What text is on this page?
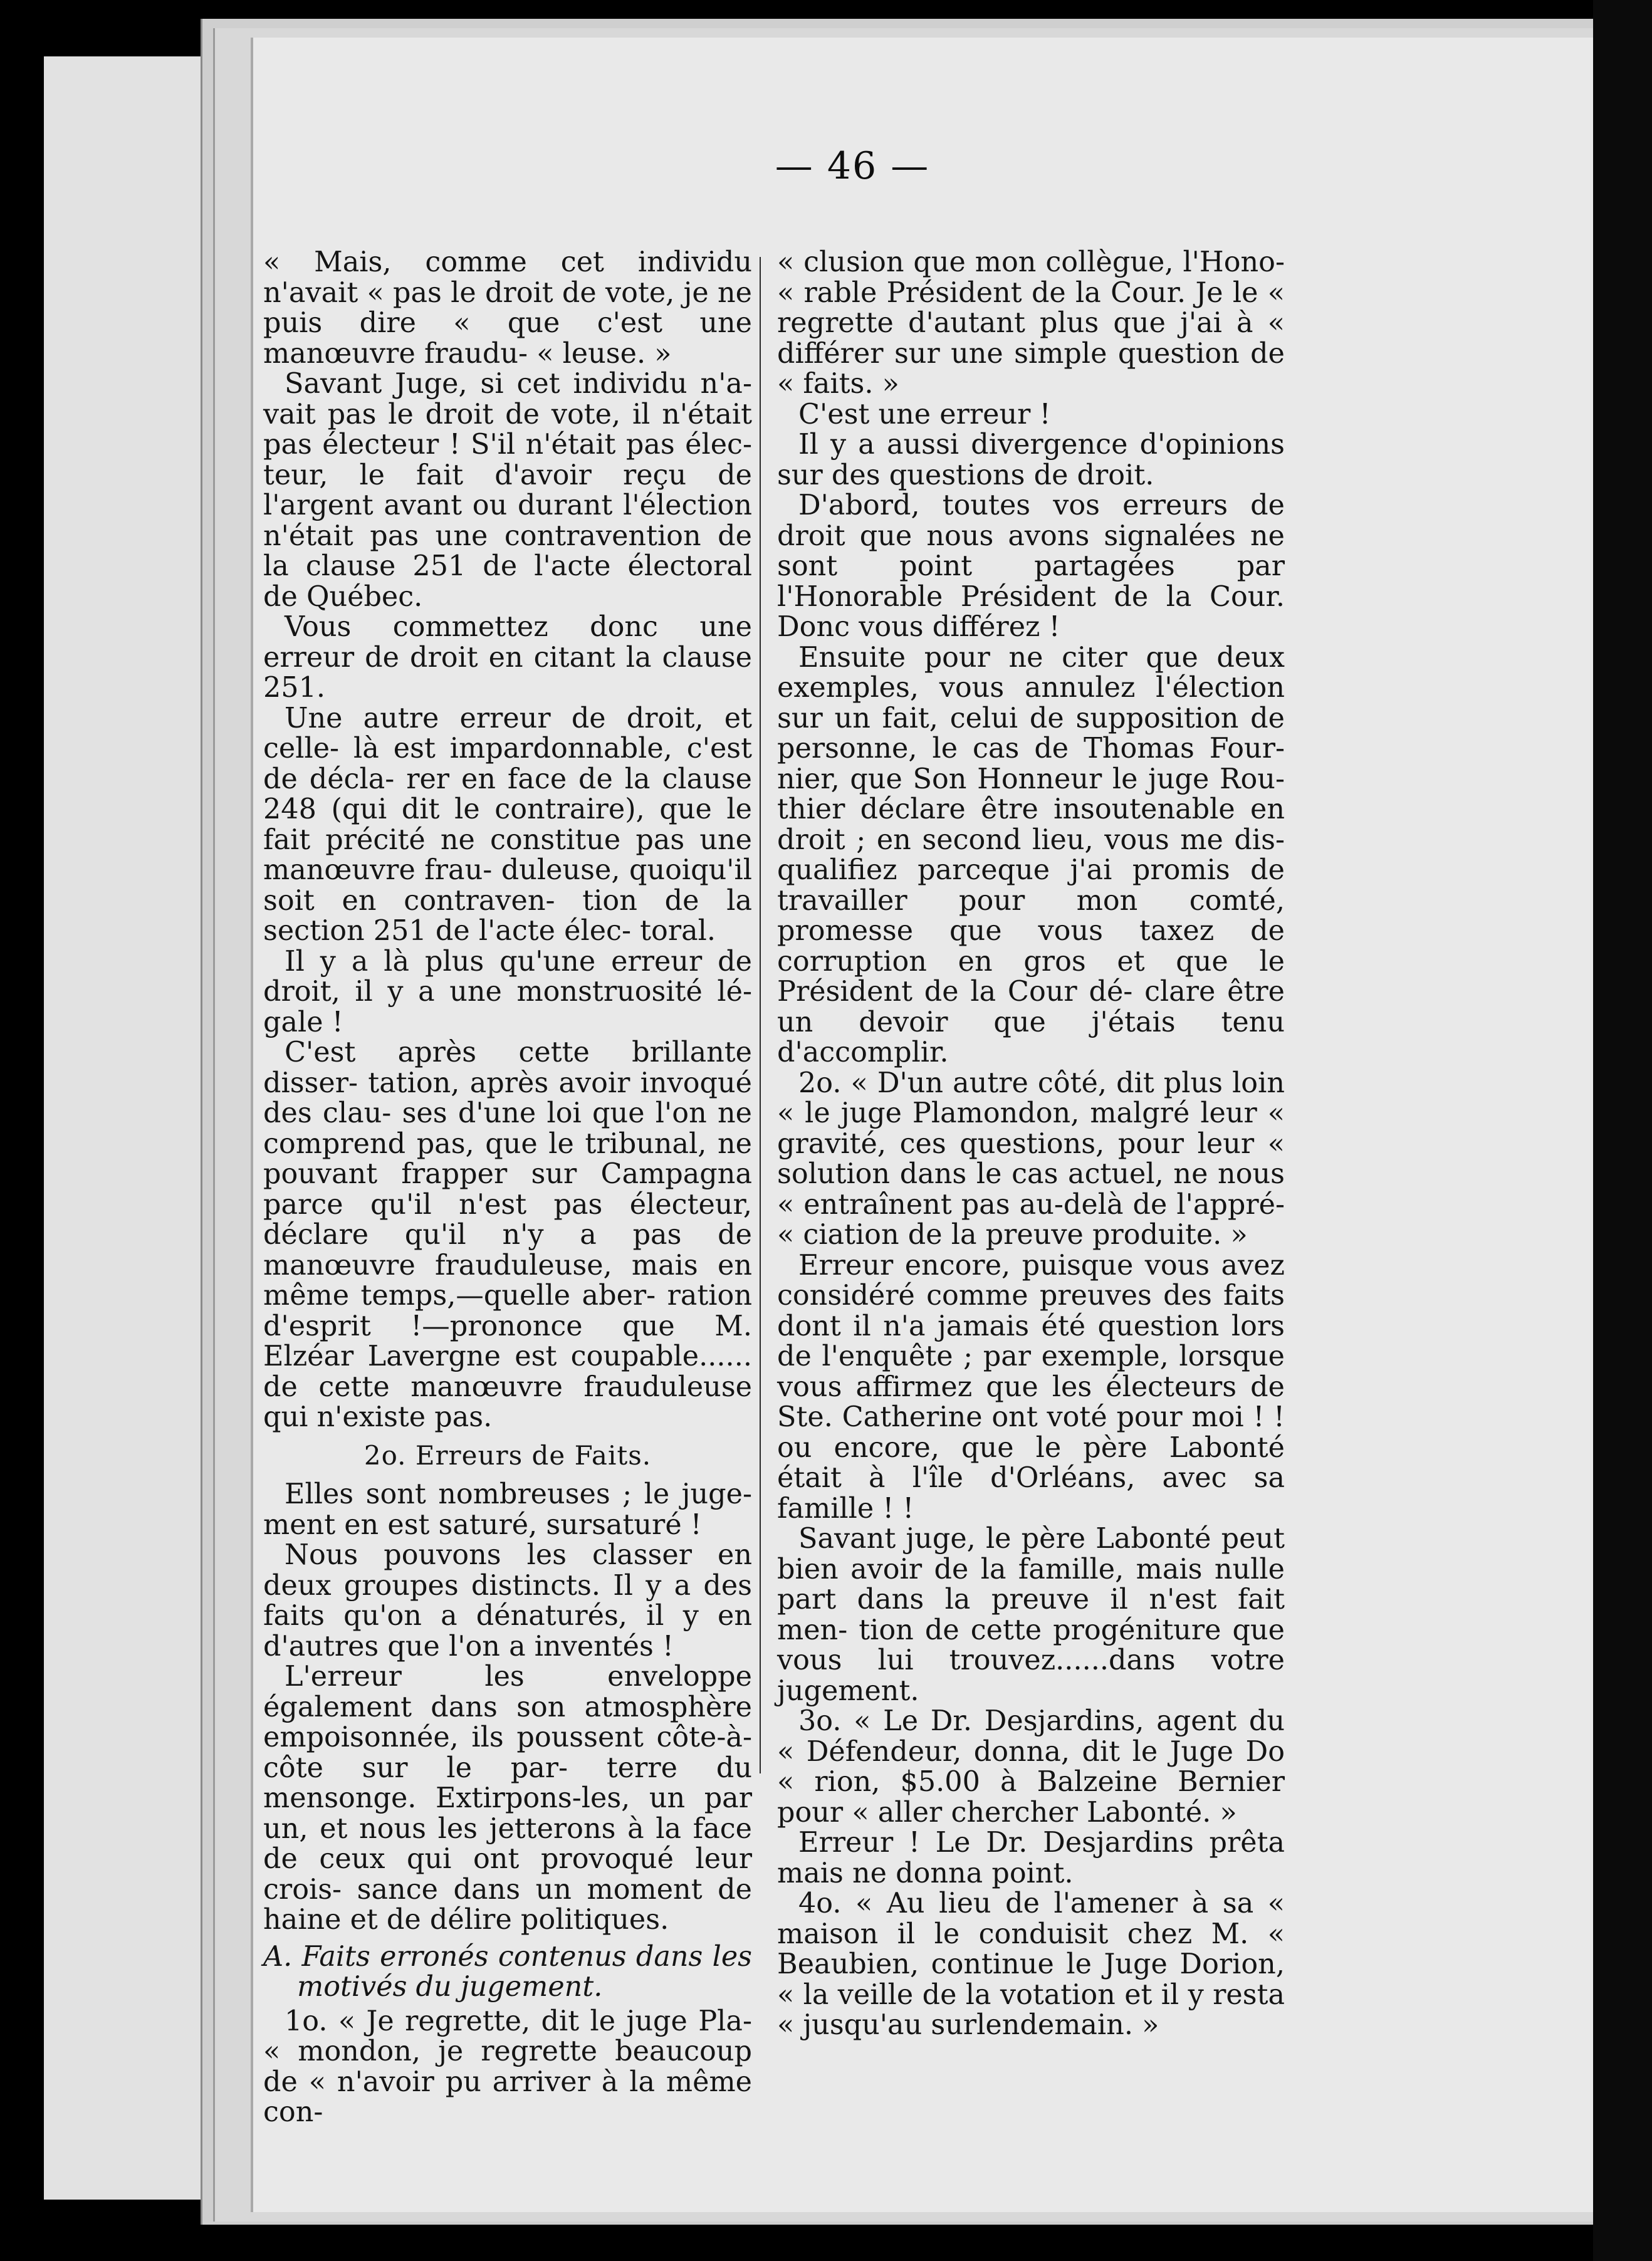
— 46 —

« Mais, comme cet individu n'avait « pas le droit de vote, je ne puis dire « que c'est une manœuvre fraudu- « leuse. »

Savant Juge, si cet individu n'a- vait pas le droit de vote, il n'était pas électeur ! S'il n'était pas élec- teur, le fait d'avoir reçu de l'argent avant ou durant l'élection n'était pas une contravention de la clause 251 de l'acte électoral de Québec.

Vous commettez donc une erreur de droit en citant la clause 251.

Une autre erreur de droit, et celle- là est impardonnable, c'est de décla- rer en face de la clause 248 (qui dit le contraire), que le fait précité ne constitue pas une manœuvre frau- duleuse, quoiqu'il soit en contraven- tion de la section 251 de l'acte élec- toral.

Il y a là plus qu'une erreur de droit, il y a une monstruosité lé- gale !

C'est après cette brillante disser- tation, après avoir invoqué des clau- ses d'une loi que l'on ne comprend pas, que le tribunal, ne pouvant frapper sur Campagna parce qu'il n'est pas électeur, déclare qu'il n'y a pas de manœuvre frauduleuse, mais en même temps,—quelle aber- ration d'esprit !—prononce que M. Elzéar Lavergne est coupable...... de cette manœuvre frauduleuse qui n'existe pas.

2o. Erreurs de Faits.

Elles sont nombreuses ; le juge- ment en est saturé, sursaturé !

Nous pouvons les classer en deux groupes distincts. Il y a des faits qu'on a dénaturés, il y en d'autres que l'on a inventés !

L'erreur les enveloppe également dans son atmosphère empoisonnée, ils poussent côte-à-côte sur le par- terre du mensonge. Extirpons-les, un par un, et nous les jetterons à la face de ceux qui ont provoqué leur crois- sance dans un moment de haine et de délire politiques.

A. Faits erronés contenus dans les motivés du jugement.

1o. « Je regrette, dit le juge Pla- « mondon, je regrette beaucoup de « n'avoir pu arriver à la même con-

« clusion que mon collègue, l'Hono- « rable Président de la Cour. Je le « regrette d'autant plus que j'ai à « différer sur une simple question de « faits. »

C'est une erreur !

Il y a aussi divergence d'opinions sur des questions de droit.

D'abord, toutes vos erreurs de droit que nous avons signalées ne sont point partagées par l'Honorable Président de la Cour. Donc vous différez !

Ensuite pour ne citer que deux exemples, vous annulez l'élection sur un fait, celui de supposition de personne, le cas de Thomas Four- nier, que Son Honneur le juge Rou- thier déclare être insoutenable en droit ; en second lieu, vous me dis- qualifiez parceque j'ai promis de travailler pour mon comté, promesse que vous taxez de corruption en gros et que le Président de la Cour dé- clare être un devoir que j'étais tenu d'accomplir.

2o. « D'un autre côté, dit plus loin « le juge Plamondon, malgré leur « gravité, ces questions, pour leur « solution dans le cas actuel, ne nous « entraînent pas au-delà de l'appré- « ciation de la preuve produite. »

Erreur encore, puisque vous avez considéré comme preuves des faits dont il n'a jamais été question lors de l'enquête ; par exemple, lorsque vous affirmez que les électeurs de Ste. Catherine ont voté pour moi ! ! ou encore, que le père Labonté était à l'île d'Orléans, avec sa famille ! !

Savant juge, le père Labonté peut bien avoir de la famille, mais nulle part dans la preuve il n'est fait men- tion de cette progéniture que vous lui trouvez......dans votre jugement.

3o. « Le Dr. Desjardins, agent du « Défendeur, donna, dit le Juge Do « rion, $5.00 à Balzeine Bernier pour « aller chercher Labonté. »

Erreur ! Le Dr. Desjardins prêta mais ne donna point.

4o. « Au lieu de l'amener à sa « maison il le conduisit chez M. « Beaubien, continue le Juge Dorion, « la veille de la votation et il y resta « jusqu'au surlendemain. »
